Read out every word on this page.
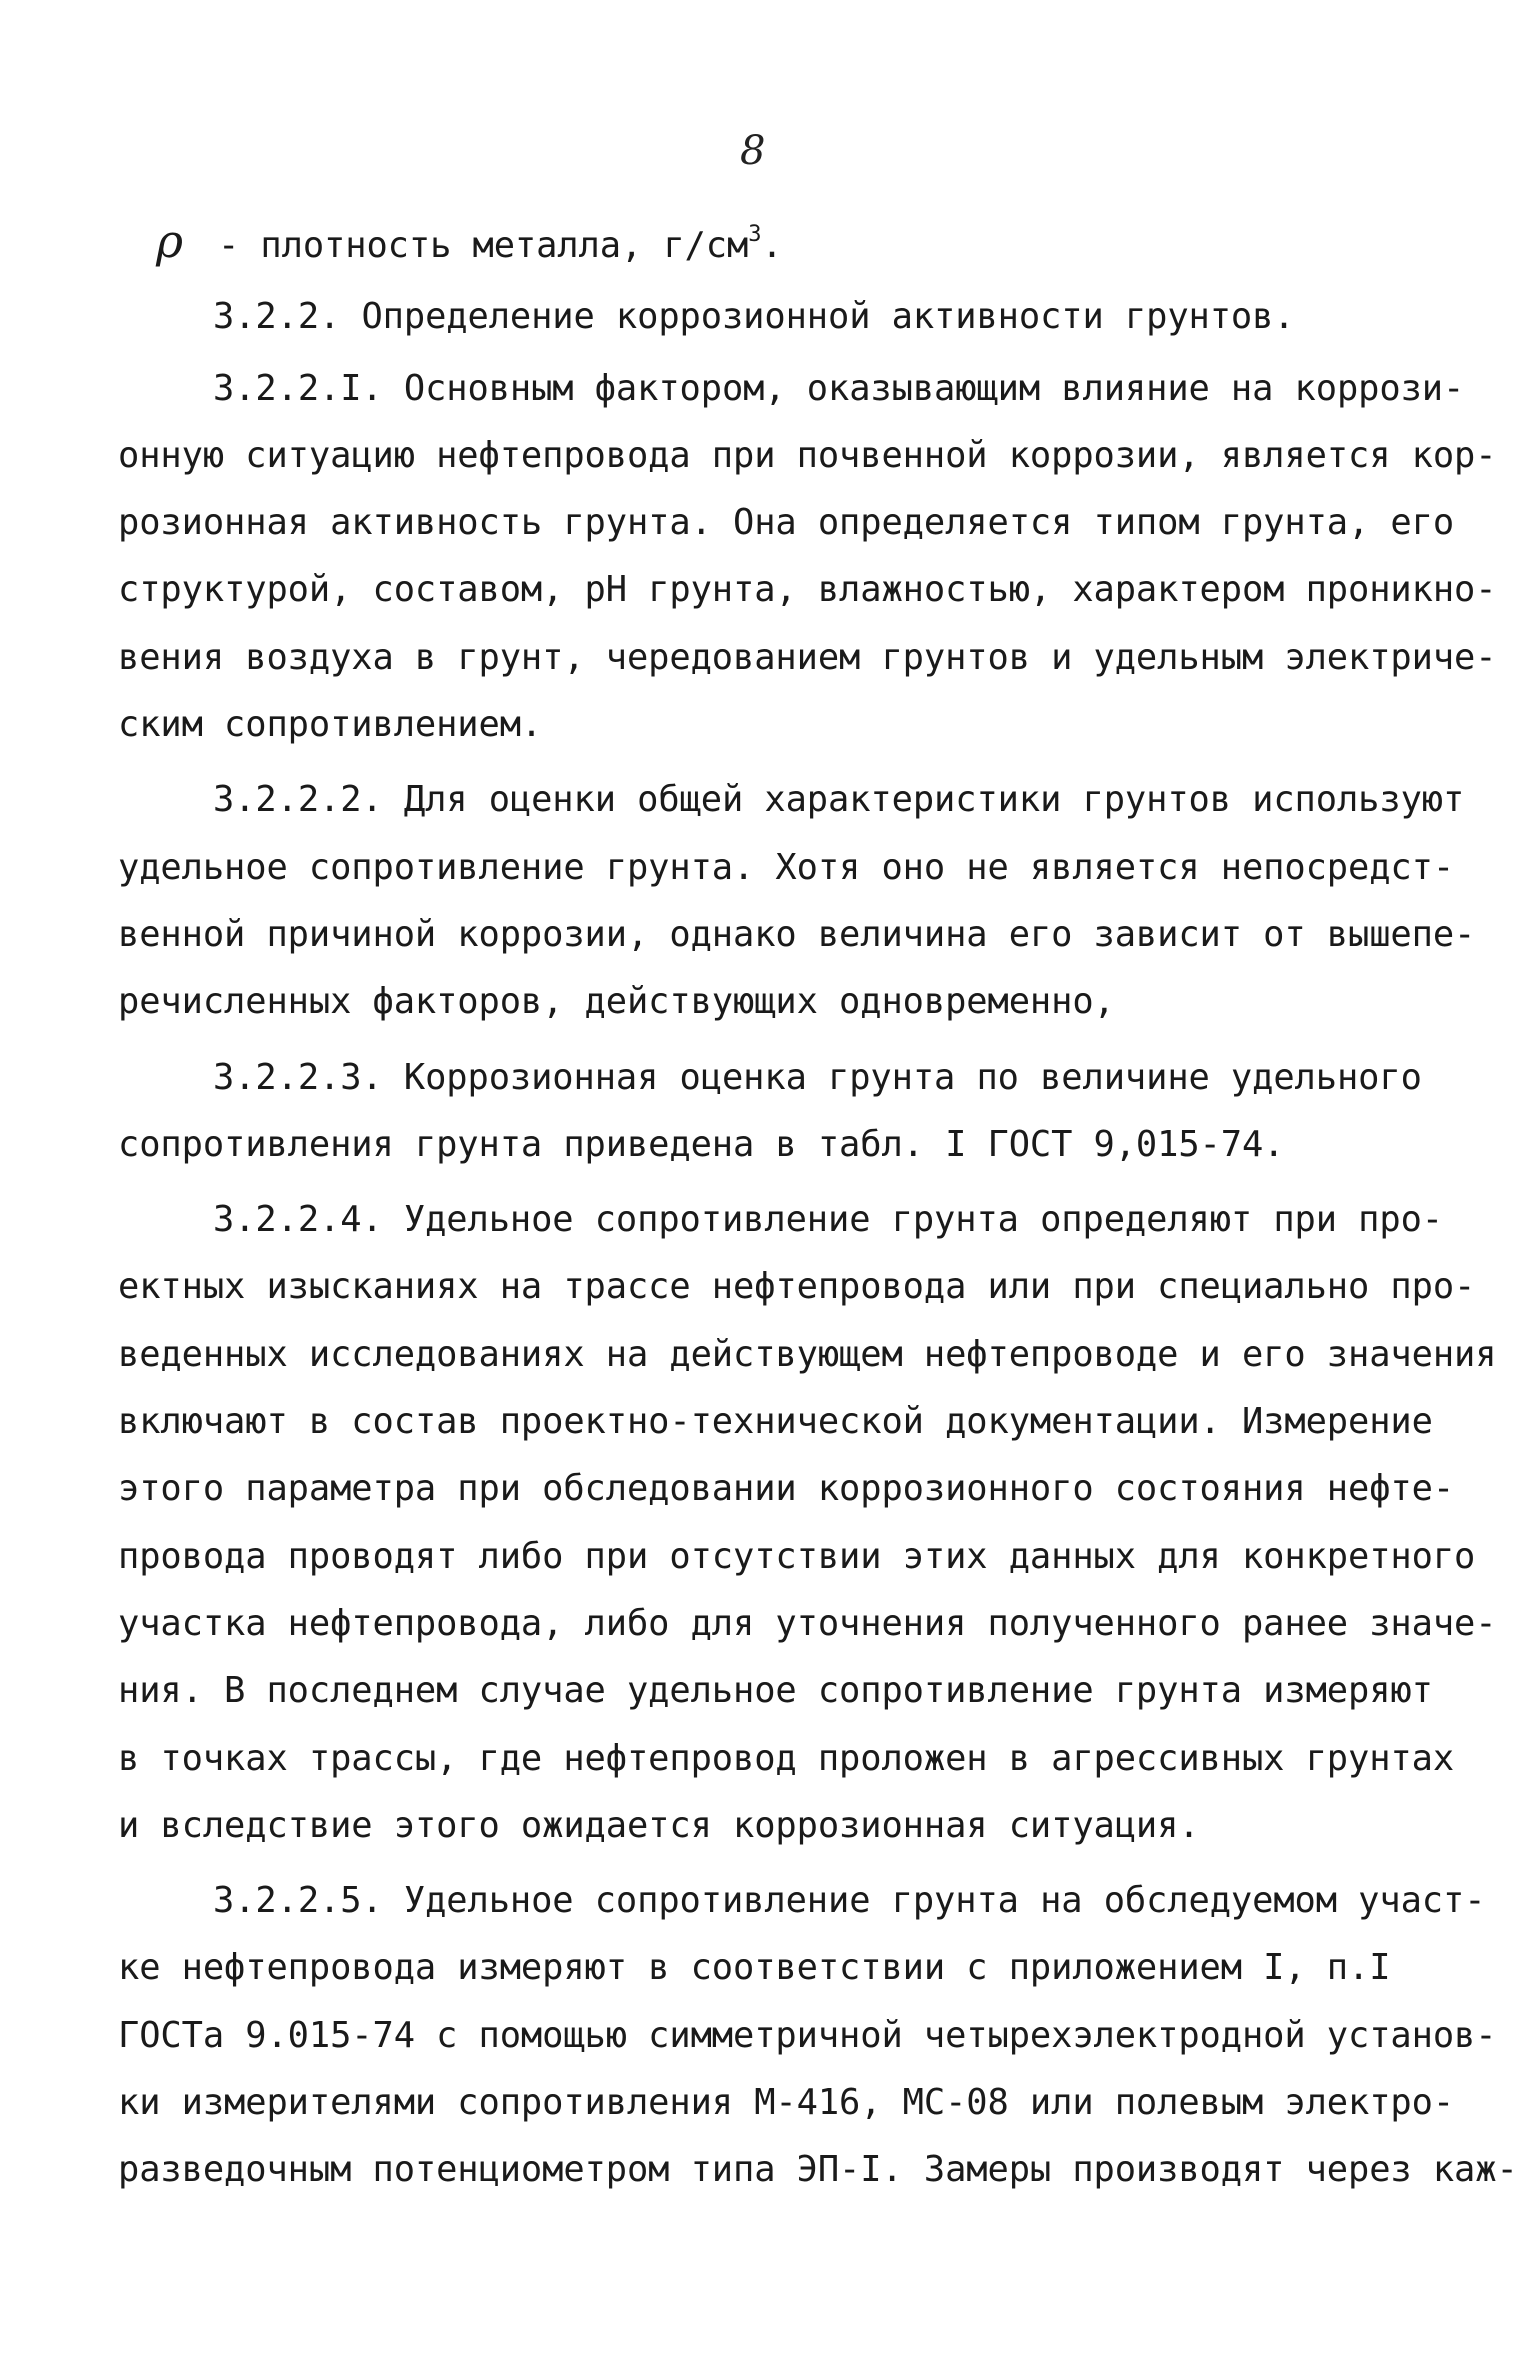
8
ρ - плотность металла, $г/см^3$.
3.2.2. Определение коррозионной активности грунтов.
3.2.2.I. Основным фактором, оказывающим влияние на коррози-
онную ситуацию нефтепровода при почвенной коррозии, является кор-
розионная активность грунта. Она определяется типом грунта, его
структурой, составом, pH грунта, влажностью, характером проникно-
вения воздуха в грунт, чередованием грунтов и удельным электриче-
ским сопротивлением.
3.2.2.2. Для оценки общей характеристики грунтов используют
удельное сопротивление грунта. Хотя оно не является непосредст-
венной причиной коррозии, однако величина его зависит от вышепе-
речисленных факторов, действующих одновременно,
3.2.2.3. Коррозионная оценка грунта по величине удельного
сопротивления грунта приведена в табл. I ГОСТ 9,015-74.
3.2.2.4. Удельное сопротивление грунта определяют при про-
ектных изысканиях на трассе нефтепровода или при специально про-
веденных исследованиях на действующем нефтепроводе и его значения
включают в состав проектно-технической документации. Измерение
этого параметра при обследовании коррозионного состояния нефте-
провода проводят либо при отсутствии этих данных для конкретного
участка нефтепровода, либо для уточнения полученного ранее значе-
ния. В последнем случае удельное сопротивление грунта измеряют
в точках трассы, где нефтепровод проложен в агрессивных грунтах
и вследствие этого ожидается коррозионная ситуация.
3.2.2.5. Удельное сопротивление грунта на обследуемом участ-
ке нефтепровода измеряют в соответствии с приложением I, п.I
ГОСТа 9.015-74 с помощью симметричной четырехэлектродной установ-
ки измерителями сопротивления М-416, МС-08 или полевым электро-
разведочным потенциометром типа ЭП-I. Замеры производят через каж-
